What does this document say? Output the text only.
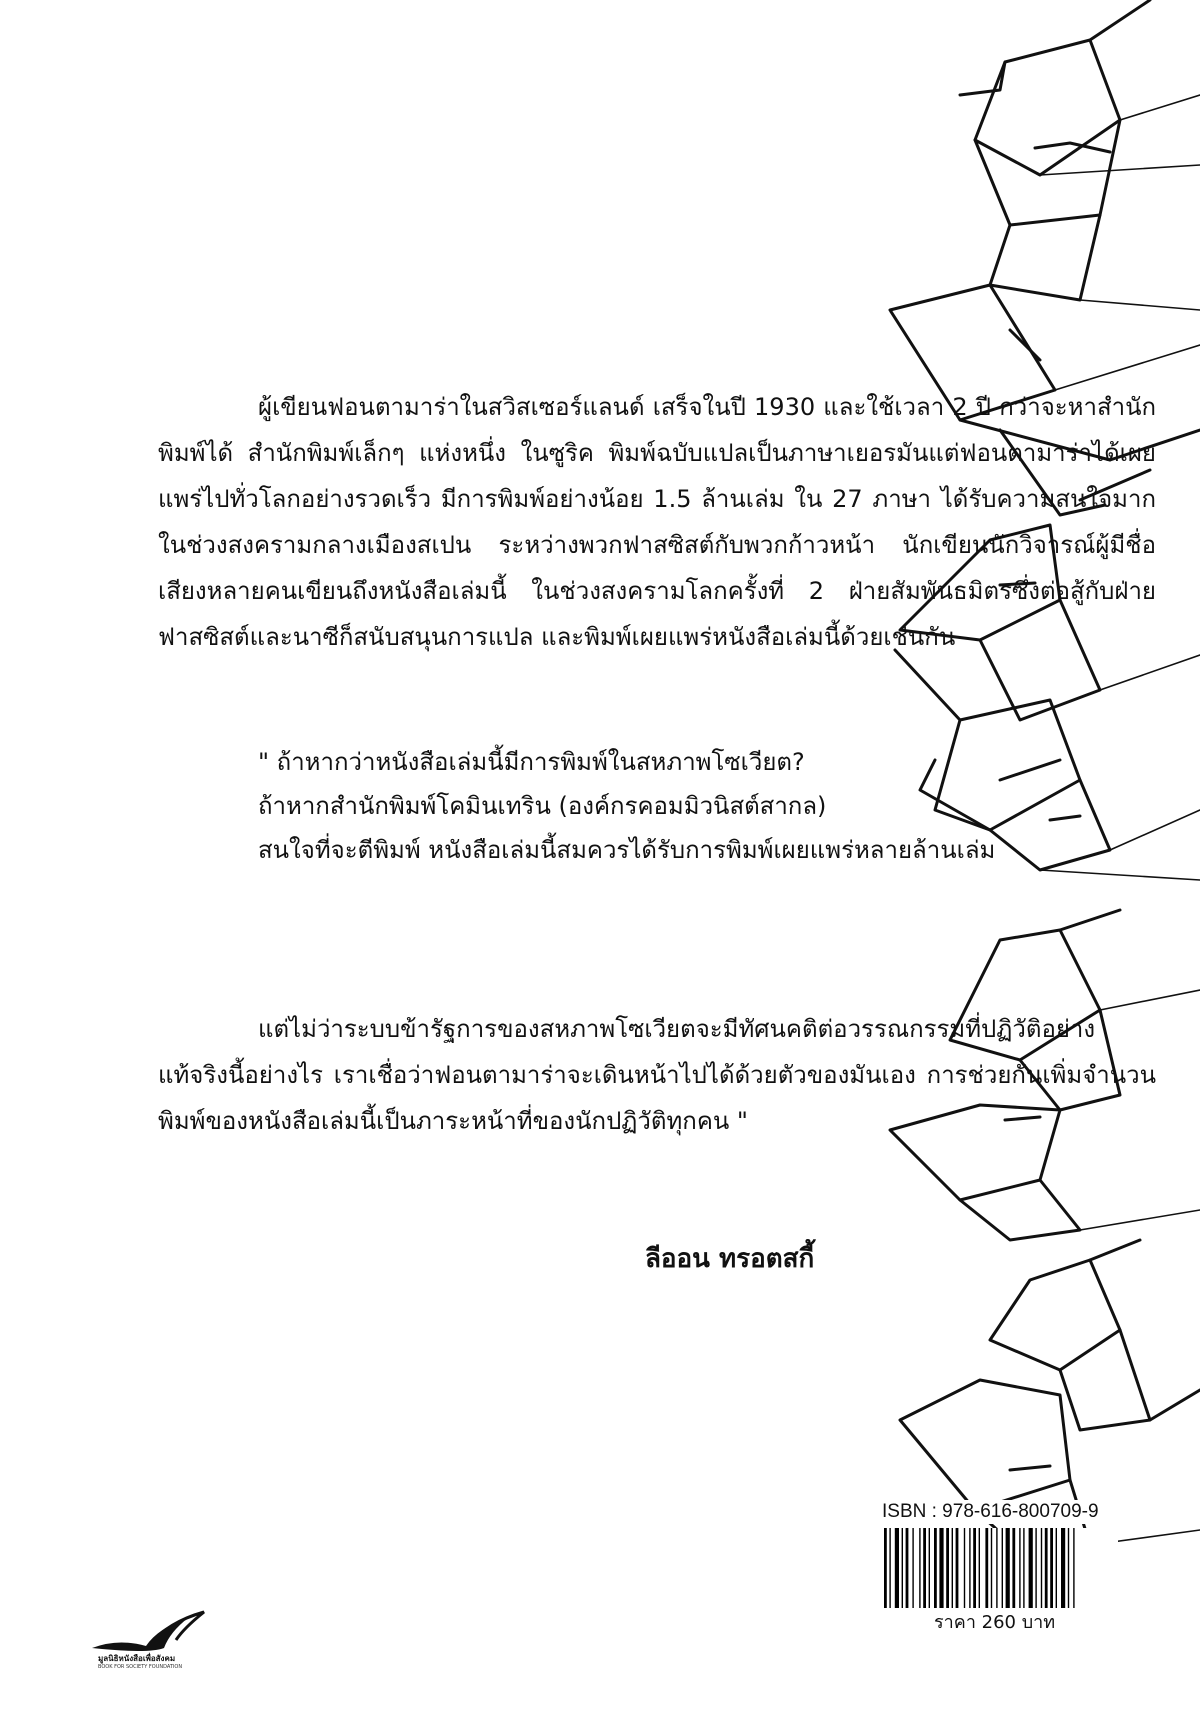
ผู้เขียนฟอนตามาร่าในสวิสเซอร์แลนด์ เสร็จในปี 1930 และใช้เวลา 2 ปี กว่าจะหาสำนักพิมพ์ได้ สำนักพิมพ์เล็กๆ แห่งหนึ่ง ในซูริค พิมพ์ฉบับแปลเป็นภาษาเยอรมันแต่ฟอนตามาร่าได้เผยแพร่ไปทั่วโลกอย่างรวดเร็ว มีการพิมพ์อย่างน้อย 1.5 ล้านเล่ม ใน 27 ภาษา ได้รับความสนใจมากในช่วงสงครามกลางเมืองสเปน ระหว่างพวกฟาสซิสต์กับพวกก้าวหน้า นักเขียนนักวิจารณ์ผู้มีชื่อเสียงหลายคนเขียนถึงหนังสือเล่มนี้ ในช่วงสงครามโลกครั้งที่ 2 ฝ่ายสัมพันธมิตรซึ่งต่อสู้กับฝ่ายฟาสซิสต์และนาซีก็สนับสนุนการแปล และพิมพ์เผยแพร่หนังสือเล่มนี้ด้วยเช่นกัน

" ถ้าหากว่าหนังสือเล่มนี้มีการพิมพ์ในสหภาพโซเวียต?
ถ้าหากสำนักพิมพ์โคมินเทริน (องค์กรคอมมิวนิสต์สากล)
สนใจที่จะตีพิมพ์ หนังสือเล่มนี้สมควรได้รับการพิมพ์เผยแพร่หลายล้านเล่ม

แต่ไม่ว่าระบบข้ารัฐการของสหภาพโซเวียตจะมีทัศนคติต่อวรรณกรรมที่ปฏิวัติอย่างแท้จริงนี้อย่างไร เราเชื่อว่าฟอนตามาร่าจะเดินหน้าไปได้ด้วยตัวของมันเอง การช่วยกันเพิ่มจำนวนพิมพ์ของหนังสือเล่มนี้เป็นภาระหน้าที่ของนักปฏิวัติทุกคน "

ลีออน ทรอตสกี้
ISBN : 978-616-800709-9
ราคา 260 บาท
มูลนิธิหนังสือเพื่อสังคม
BOOK FOR SOCIETY FOUNDATION
